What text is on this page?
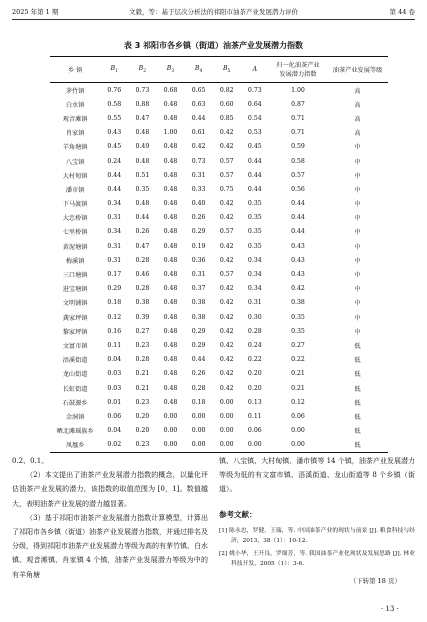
2025 年第 1 期	文毅，等：基于层次分析法的祁阳市油茶产业发展潜力评价	第 44 卷
表 3 祁阳市各乡镇（街道）油茶产业发展潜力指数
乡 镇	$B_1$	$B_2$	$B_3$	$B_4$	$B_5$	A	归一化油茶产业
发展潜力指数	油茶产业发展等级
茅竹镇	0.76	0.73	0.68	0.65	0.82	0.73	1.00	高
白水镇	0.58	0.88	0.48	0.63	0.60	0.64	0.87	高
观音滩镇	0.55	0.47	0.48	0.44	0.85	0.54	0.71	高
肖家镇	0.43	0.48	1.00	0.61	0.42	0.53	0.71	高
羊角塘镇	0.45	0.49	0.48	0.42	0.42	0.45	0.59	中
八宝镇	0.24	0.48	0.48	0.73	0.57	0.44	0.58	中
大村甸镇	0.44	0.51	0.48	0.31	0.57	0.44	0.57	中
潘市镇	0.44	0.35	0.48	0.33	0.75	0.44	0.56	中
下马渡镇	0.34	0.48	0.48	0.40	0.42	0.35	0.44	中
大忠桥镇	0.31	0.44	0.48	0.26	0.42	0.35	0.44	中
七里桥镇	0.34	0.26	0.48	0.29	0.57	0.35	0.44	中
黄泥塘镇	0.31	0.47	0.48	0.19	0.42	0.35	0.43	中
梅溪镇	0.31	0.28	0.48	0.36	0.42	0.34	0.43	中
三口塘镇	0.17	0.46	0.48	0.31	0.57	0.34	0.43	中
进宝塘镇	0.29	0.28	0.48	0.37	0.42	0.34	0.42	中
文明铺镇	0.18	0.38	0.48	0.38	0.42	0.31	0.38	中
龚家坪镇	0.12	0.39	0.48	0.38	0.42	0.30	0.35	中
黎家坪镇	0.16	0.27	0.48	0.29	0.42	0.28	0.35	中
文富市镇	0.11	0.23	0.48	0.29	0.42	0.24	0.27	低
浯溪街道	0.04	0.28	0.48	0.44	0.42	0.22	0.22	低
龙山街道	0.03	0.21	0.48	0.26	0.42	0.20	0.21	低
长虹街道	0.03	0.21	0.48	0.28	0.42	0.20	0.21	低
石鼓源乡	0.01	0.23	0.48	0.18	0.00	0.13	0.12	低
金洞镇	0.06	0.20	0.00	0.00	0.00	0.11	0.06	低
晒北滩瑶族乡	0.04	0.20	0.00	0.00	0.00	0.06	0.00	低
凤凰乡	0.02	0.23	0.00	0.00	0.00	0.00	0.00	低

0.2、0.1。

（2）本文提出了油茶产业发展潜力指数的概念，以量化评估油茶产业发展的潜力，该指数的取值范围为 [0，1]。数值越大，表明油茶产业发展的潜力越显著。

（3）基于祁阳市油茶产业发展潜力指数计算模型，计算出了祁阳市各乡镇（街道）油茶产业发展潜力指数，并通过排名及分级，得到祁阳市油茶产业发展潜力等级为高的有茅竹镇、白水镇、观音滩镇、肖家镇 4 个镇，油茶产业发展潜力等级为中的有羊角塘

镇、八宝镇、大村甸镇、潘市镇等 14 个镇，油茶产业发展潜力等级为低的有文富市镇、浯溪街道、龙山街道等 8 个乡镇（街道）。

参考文献：

[1] 陈永忠，罗健，王瑞，等. 中国油茶产业的现状与前景 [J]. 粮食科技与经济，2013，38（1）：10-12.

[2] 姚小华，王开良，罗细芳，等. 我国油茶产业化现状及发展思路 [J]. 林业科技开发，2005（1）：3-6.

（下转第 18 页）

· 13 ·
